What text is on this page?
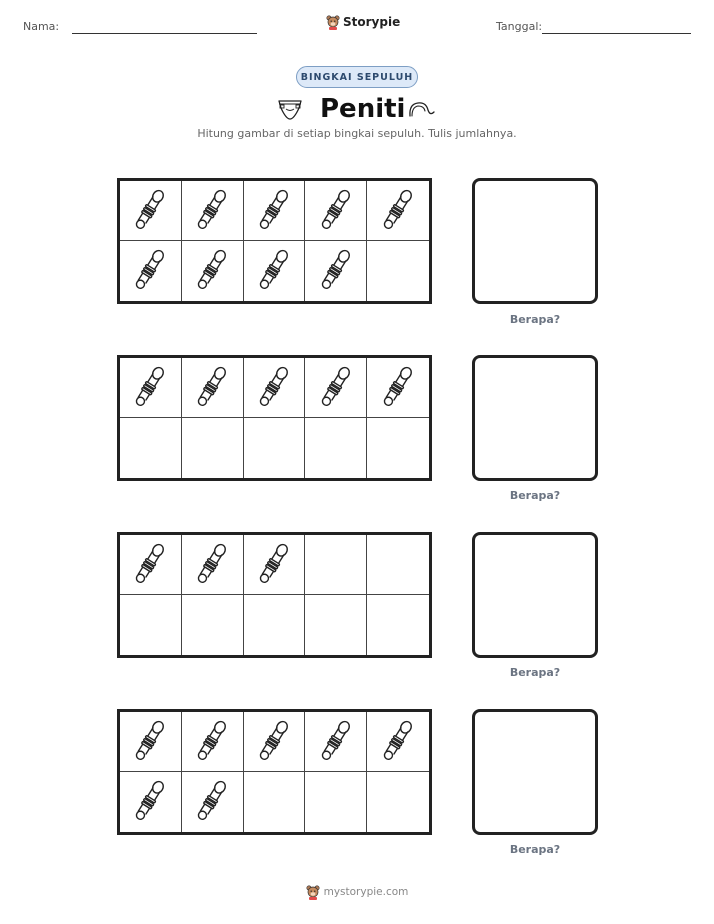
Nama:	Storypie	Tanggal:
BINGKAI SEPULUH
Peniti
Hitung gambar di setiap bingkai sepuluh. Tulis jumlahnya.
Berapa?
Berapa?
Berapa?
Berapa?
mystorypie.com
